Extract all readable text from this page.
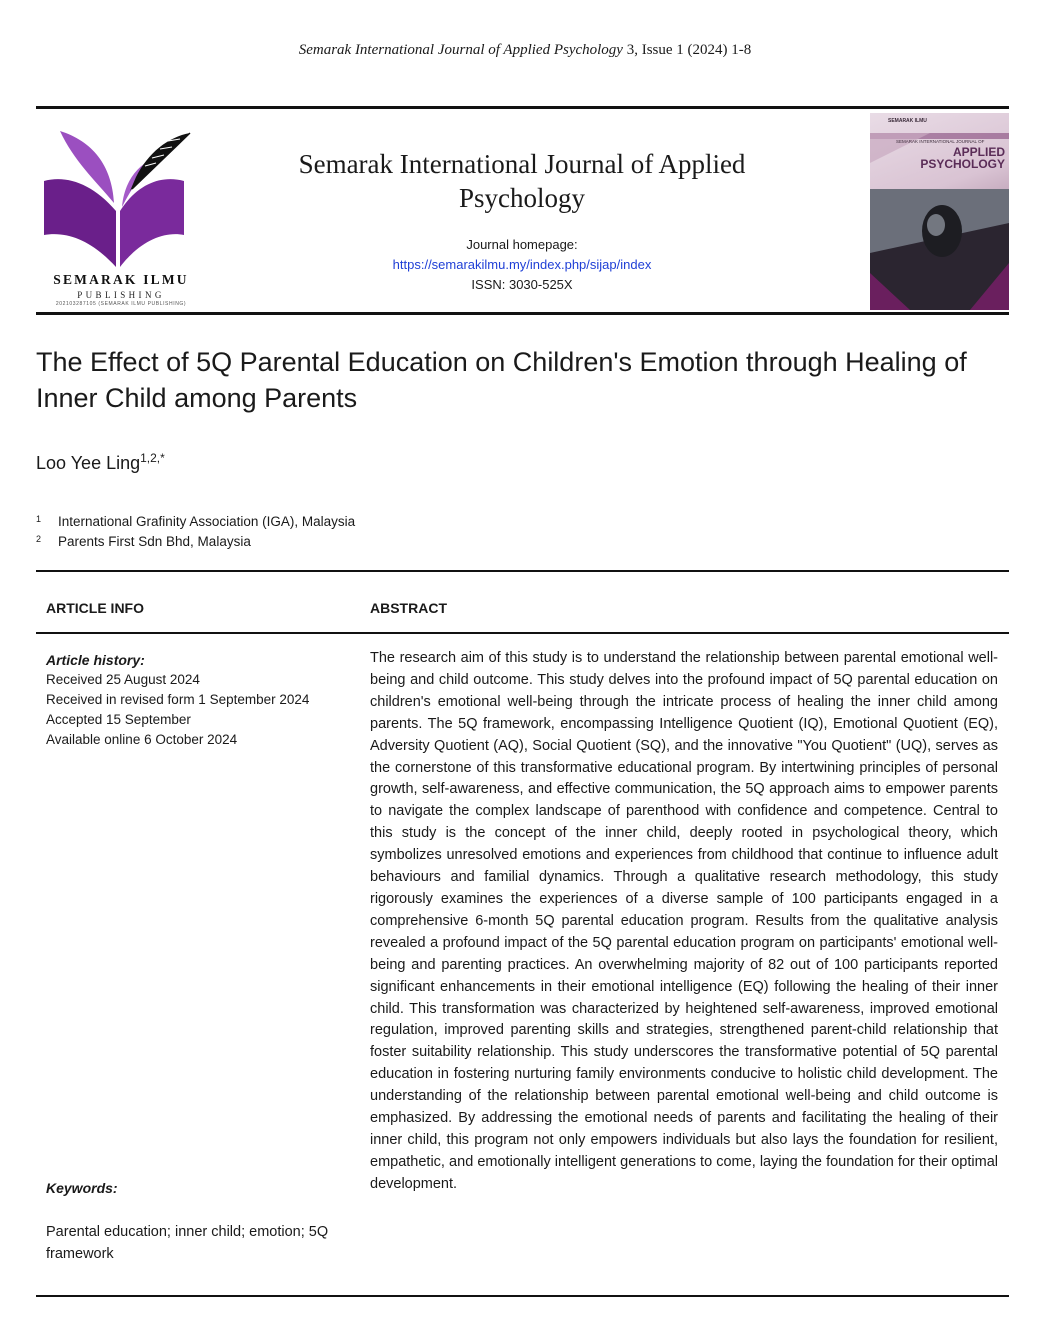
Semarak International Journal of Applied Psychology 3, Issue 1 (2024) 1-8
SEMARAK ILMU
PUBLISHING
202103287105 (SEMARAK ILMU PUBLISHING)
Semarak International Journal of Applied Psychology
Journal homepage:
https://semarakilmu.my/index.php/sijap/index
ISSN: 3030-525X
SEMARAK ILMU
SEMARAK INTERNATIONAL JOURNAL OF
APPLIED PSYCHOLOGY
The Effect of 5Q Parental Education on Children's Emotion through Healing of Inner Child among Parents
Loo Yee Ling$^{1,2,*}$
1 International Grafinity Association (IGA), Malaysia
2 Parents First Sdn Bhd, Malaysia
ARTICLE INFO	ABSTRACT
Article history:
Received 25 August 2024
Received in revised form 1 September 2024
Accepted 15 September
Available online 6 October 2024
Keywords:
Parental education; inner child; emotion; 5Q framework

The research aim of this study is to understand the relationship between parental emotional well-being and child outcome. This study delves into the profound impact of 5Q parental education on children's emotional well-being through the intricate process of healing the inner child among parents. The 5Q framework, encompassing Intelligence Quotient (IQ), Emotional Quotient (EQ), Adversity Quotient (AQ), Social Quotient (SQ), and the innovative "You Quotient" (UQ), serves as the cornerstone of this transformative educational program. By intertwining principles of personal growth, self-awareness, and effective communication, the 5Q approach aims to empower parents to navigate the complex landscape of parenthood with confidence and competence. Central to this study is the concept of the inner child, deeply rooted in psychological theory, which symbolizes unresolved emotions and experiences from childhood that continue to influence adult behaviours and familial dynamics. Through a qualitative research methodology, this study rigorously examines the experiences of a diverse sample of 100 participants engaged in a comprehensive 6-month 5Q parental education program. Results from the qualitative analysis revealed a profound impact of the 5Q parental education program on participants' emotional well-being and parenting practices. An overwhelming majority of 82 out of 100 participants reported significant enhancements in their emotional intelligence (EQ) following the healing of their inner child. This transformation was characterized by heightened self-awareness, improved emotional regulation, improved parenting skills and strategies, strengthened parent-child relationship that foster suitability relationship. This study underscores the transformative potential of 5Q parental education in fostering nurturing family environments conducive to holistic child development. The understanding of the relationship between parental emotional well-being and child outcome is emphasized. By addressing the emotional needs of parents and facilitating the healing of their inner child, this program not only empowers individuals but also lays the foundation for resilient, empathetic, and emotionally intelligent generations to come, laying the foundation for their optimal development.
